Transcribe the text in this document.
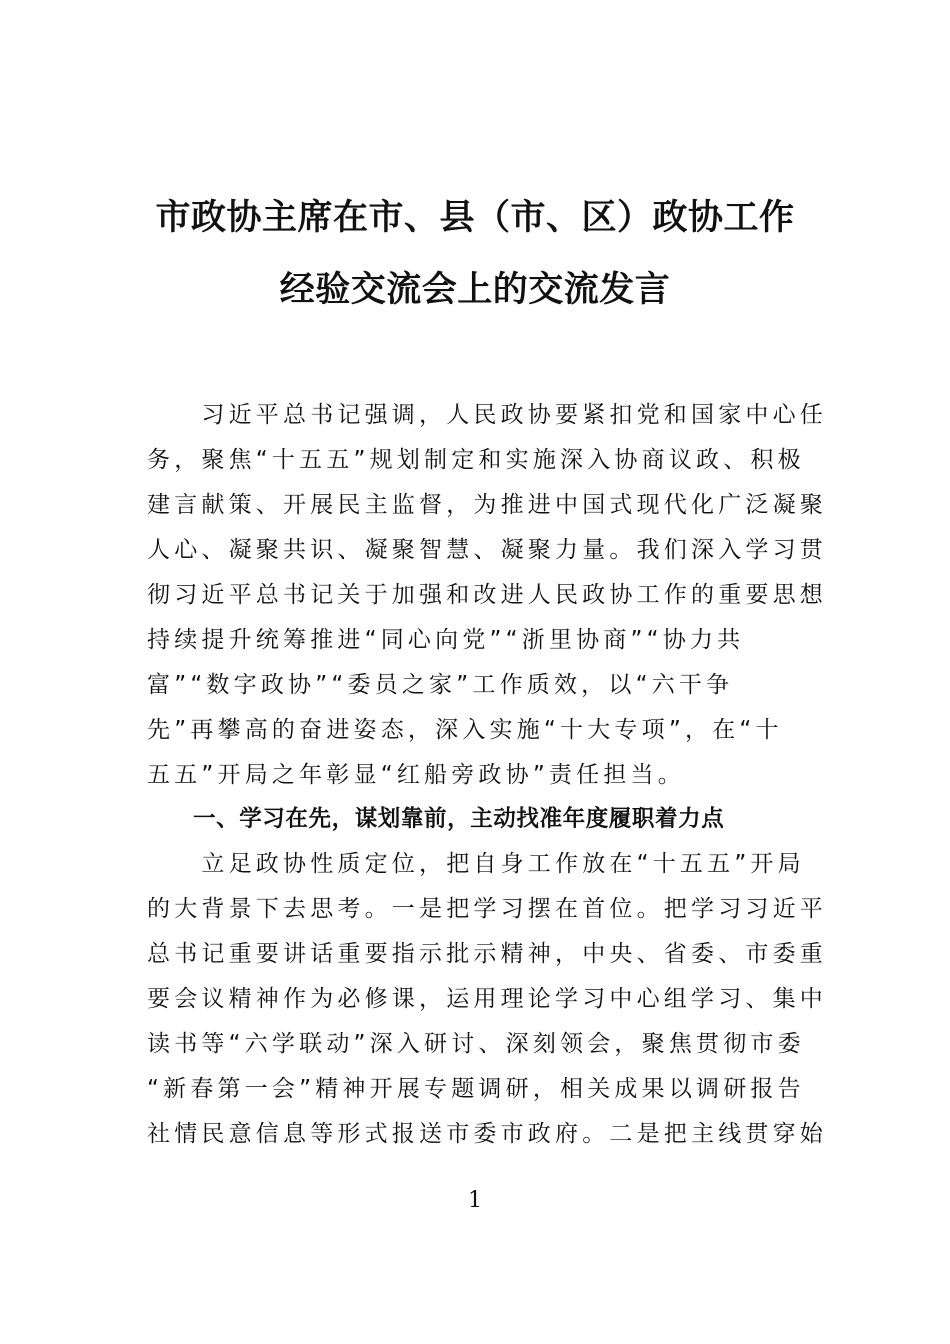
市政协主席在市、县（市、区）政协工作
经验交流会上的交流发言
　　习近平总书记强调，人民政协要紧扣党和国家中心任
务，聚焦“十五五”规划制定和实施深入协商议政、积极
建言献策、开展民主监督，为推进中国式现代化广泛凝聚
人心、凝聚共识、凝聚智慧、凝聚力量。我们深入学习贯
彻习近平总书记关于加强和改进人民政协工作的重要思想
持续提升统筹推进“同心向党”“浙里协商”“协力共
富”“数字政协”“委员之家”工作质效，以“六干争
先”再攀高的奋进姿态，深入实施“十大专项”，在“十
五五”开局之年彰显“红船旁政协”责任担当。
一、学习在先，谋划靠前，主动找准年度履职着力点
　　立足政协性质定位，把自身工作放在“十五五”开局
的大背景下去思考。一是把学习摆在首位。把学习习近平
总书记重要讲话重要指示批示精神，中央、省委、市委重
要会议精神作为必修课，运用理论学习中心组学习、集中
读书等“六学联动”深入研讨、深刻领会，聚焦贯彻市委
“新春第一会”精神开展专题调研，相关成果以调研报告
社情民意信息等形式报送市委市政府。二是把主线贯穿始
1
